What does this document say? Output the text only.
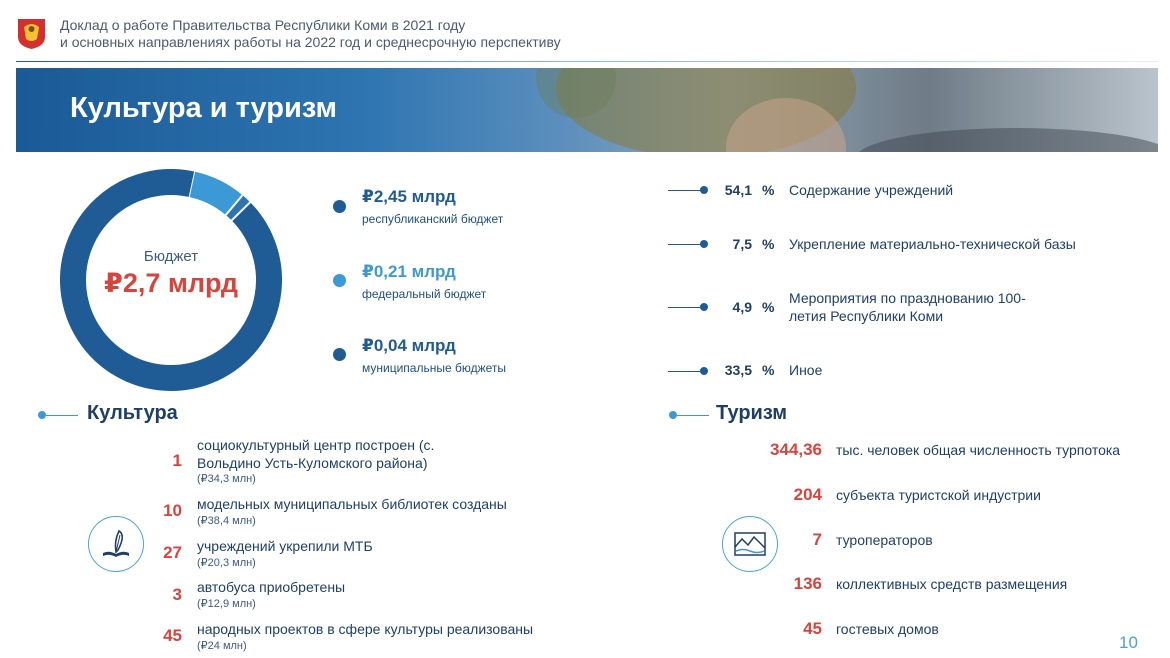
Доклад о работе Правительства Республики Коми в 2021 году
и основных направлениях работы на 2022 год и среднесрочную перспективу
Культура и туризм
Бюджет
₽2,7 млрд
₽2,45 млрд
республиканский бюджет
₽0,21 млрд
федеральный бюджет
₽0,04 млрд
муниципальные бюджеты
54,1 % Содержание учреждений
7,5 % Укрепление материально-технической базы
4,9 %
Мероприятия по празднованию 100-летия Республики Коми
33,5 % Иное
Культура
1
социокультурный центр построен (с. Вольдино Усть-Куломского района)
(₽34,3 млн)
10 модельных муниципальных библиотек созданы
(₽38,4 млн)
27 учреждений укрепили МТБ
(₽20,3 млн)
3 автобуса приобретены
(₽12,9 млн)
45 народных проектов в сфере культуры реализованы
(₽24 млн)
Туризм
344,36 тыс. человек общая численность турпотока
204 субъекта туристской индустрии
7 туроператоров
136 коллективных средств размещения
45 гостевых домов
10
